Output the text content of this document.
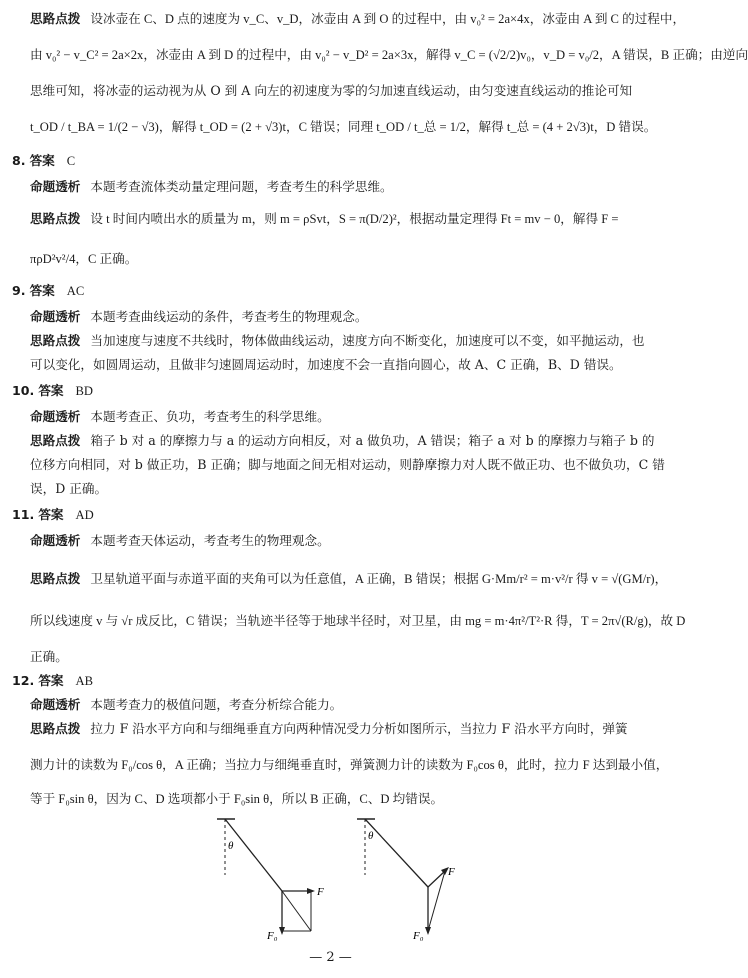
思路点拨 设冰壶在 C、D 点的速度为 v_C、v_D，冰壶由 A 到 O 的过程中，由 v₀² = 2a×4x，冰壶由 A 到 C 的过程中，
由 v₀² − v_C² = 2a×2x，冰壶由 A 到 D 的过程中，由 v₀² − v_D² = 2a×3x，解得 v_C = (√2/2)v₀，v_D = v₀/2，A 错误，B 正确；由逆向
思维可知，将冰壶的运动视为从 O 到 A 向左的初速度为零的匀加速直线运动，由匀变速直线运动的推论可知
t_OD / t_BA = 1/(2 − √3)，解得 t_OD = (2 + √3)t，C 错误；同理 t_OD / t_总 = 1/2，解得 t_总 = (4 + 2√3)t，D 错误。
8. 答案 C
命题透析 本题考查流体类动量定理问题，考查考生的科学思维。
思路点拨 设 t 时间内喷出水的质量为 m，则 m = ρSvt，S = π(D/2)²，根据动量定理得 Ft = mv − 0，解得 F =
πρD²v²/4，C 正确。
9. 答案 AC
命题透析 本题考查曲线运动的条件，考查考生的物理观念。
思路点拨 当加速度与速度不共线时，物体做曲线运动，速度方向不断变化，加速度可以不变，如平抛运动，也
可以变化，如圆周运动，且做非匀速圆周运动时，加速度不会一直指向圆心，故 A、C 正确，B、D 错误。
10. 答案 BD
命题透析 本题考查正、负功，考查考生的科学思维。
思路点拨 箱子 b 对 a 的摩擦力与 a 的运动方向相反，对 a 做负功，A 错误；箱子 a 对 b 的摩擦力与箱子 b 的
位移方向相同，对 b 做正功，B 正确；脚与地面之间无相对运动，则静摩擦力对人既不做正功、也不做负功，C 错
误，D 正确。
11. 答案 AD
命题透析 本题考查天体运动，考查考生的物理观念。
思路点拨 卫星轨道平面与赤道平面的夹角可以为任意值，A 正确，B 错误；根据 G·Mm/r² = m·v²/r 得 v = √(GM/r)，
所以线速度 v 与 √r 成反比，C 错误；当轨迹半径等于地球半径时，对卫星，由 mg = m·4π²/T²·R 得，T = 2π√(R/g)，故 D
正确。
12. 答案 AB
命题透析 本题考查力的极值问题，考查分析综合能力。
思路点拨 拉力 F 沿水平方向和与细绳垂直方向两种情况受力分析如图所示，当拉力 F 沿水平方向时，弹簧
测力计的读数为 F₀/cos θ，A 正确；当拉力与细绳垂直时，弹簧测力计的读数为 F₀cos θ，此时，拉力 F 达到最小值，
等于 F₀sin θ，因为 C、D 选项都小于 F₀sin θ，所以 B 正确，C、D 均错误。
θ
F
F₀
θ
F
F₀
— 2 —
